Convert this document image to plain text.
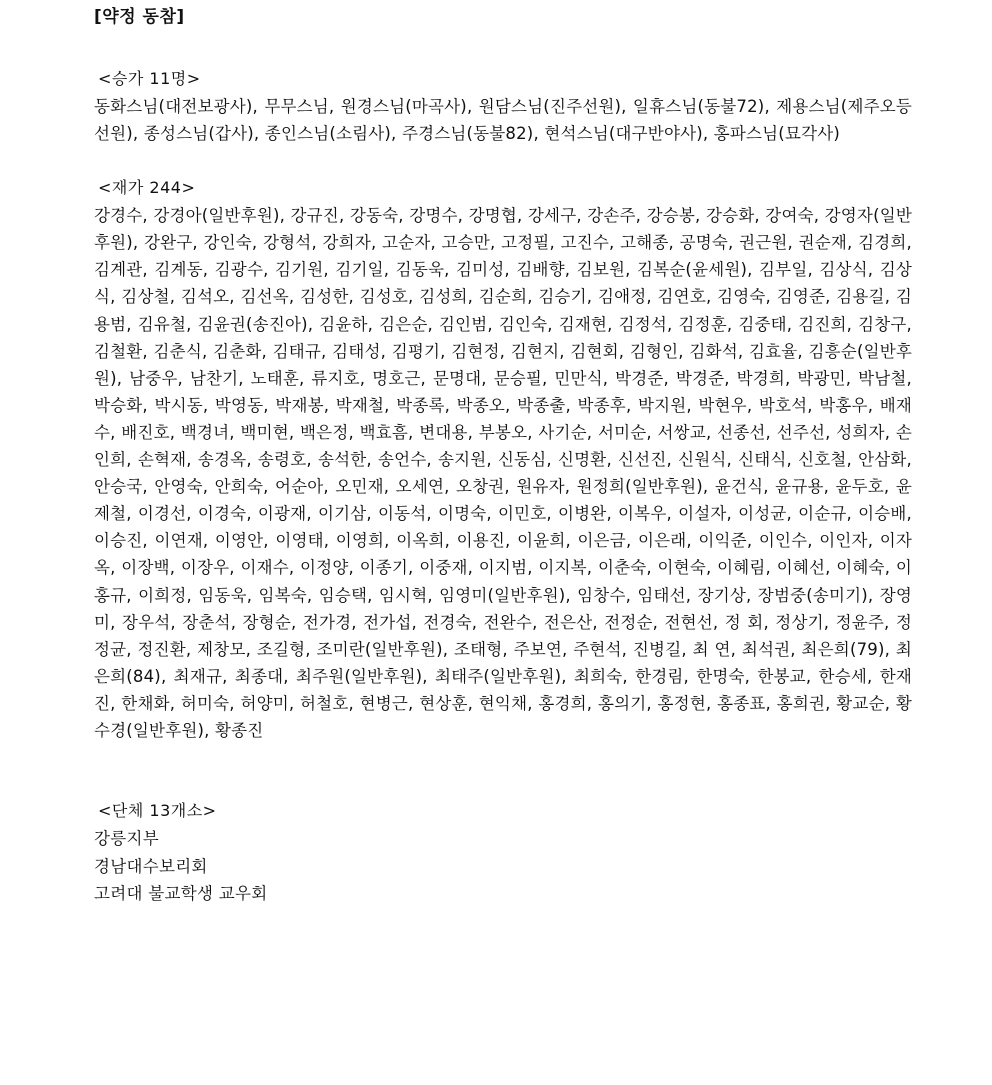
[약정 동참]

<승가 11명>

동화스님(대전보광사), 무무스님, 원경스님(마곡사), 원담스님(진주선원), 일휴스님(동불72), 제용스님(제주오등선원), 종성스님(갑사), 종인스님(소림사), 주경스님(동불82), 현석스님(대구반야사), 홍파스님(묘각사)

<재가 244>

강경수, 강경아(일반후원), 강규진, 강동숙, 강명수, 강명협, 강세구, 강손주, 강승봉, 강승화, 강여숙, 강영자(일반후원), 강완구, 강인숙, 강형석, 강희자, 고순자, 고승만, 고정필, 고진수, 고해종, 공명숙, 권근원, 권순재, 김경희, 김계관, 김계동, 김광수, 김기원, 김기일, 김동욱, 김미성, 김배향, 김보원, 김복순(윤세원), 김부일, 김상식, 김상식, 김상철, 김석오, 김선옥, 김성한, 김성호, 김성희, 김순희, 김승기, 김애정, 김연호, 김영숙, 김영준, 김용길, 김용범, 김유철, 김윤권(송진아), 김윤하, 김은순, 김인범, 김인숙, 김재현, 김정석, 김정훈, 김중태, 김진희, 김창구, 김철환, 김춘식, 김춘화, 김태규, 김태성, 김평기, 김현정, 김현지, 김현회, 김형인, 김화석, 김효율, 김흥순(일반후원), 남중우, 남찬기, 노태훈, 류지호, 명호근, 문명대, 문승필, 민만식, 박경준, 박경준, 박경희, 박광민, 박남철, 박승화, 박시동, 박영동, 박재봉, 박재철, 박종록, 박종오, 박종출, 박종후, 박지원, 박현우, 박호석, 박홍우, 배재수, 배진호, 백경녀, 백미현, 백은정, 백효흠, 변대용, 부봉오, 사기순, 서미순, 서쌍교, 선종선, 선주선, 성희자, 손인희, 손혁재, 송경옥, 송령호, 송석한, 송언수, 송지원, 신동심, 신명환, 신선진, 신원식, 신태식, 신호철, 안삼화, 안승국, 안영숙, 안희숙, 어순아, 오민재, 오세연, 오창권, 원유자, 원정희(일반후원), 윤건식, 윤규용, 윤두호, 윤제철, 이경선, 이경숙, 이광재, 이기삼, 이동석, 이명숙, 이민호, 이병완, 이복우, 이설자, 이성균, 이순규, 이승배, 이승진, 이연재, 이영안, 이영태, 이영희, 이옥희, 이용진, 이윤희, 이은금, 이은래, 이익준, 이인수, 이인자, 이자옥, 이장백, 이장우, 이재수, 이정양, 이종기, 이중재, 이지범, 이지복, 이춘숙, 이현숙, 이혜림, 이혜선, 이혜숙, 이홍규, 이희정, 임동욱, 임복숙, 임승택, 임시혁, 임영미(일반후원), 임창수, 임태선, 장기상, 장범중(송미기), 장영미, 장우석, 장춘석, 장형순, 전가경, 전가섭, 전경숙, 전완수, 전은산, 전정순, 전현선, 정 회, 정상기, 정윤주, 정정균, 정진환, 제창모, 조길형, 조미란(일반후원), 조태형, 주보연, 주현석, 진병길, 최 연, 최석권, 최은희(79), 최은희(84), 최재규, 최종대, 최주원(일반후원), 최태주(일반후원), 최희숙, 한경림, 한명숙, 한봉교, 한승세, 한재진, 한채화, 허미숙, 허양미, 허철호, 현병근, 현상훈, 현익채, 홍경희, 홍의기, 홍정현, 홍종표, 홍희권, 황교순, 황수경(일반후원), 황종진

<단체 13개소>

강릉지부
경남대수보리회
고려대 불교학생 교우회
